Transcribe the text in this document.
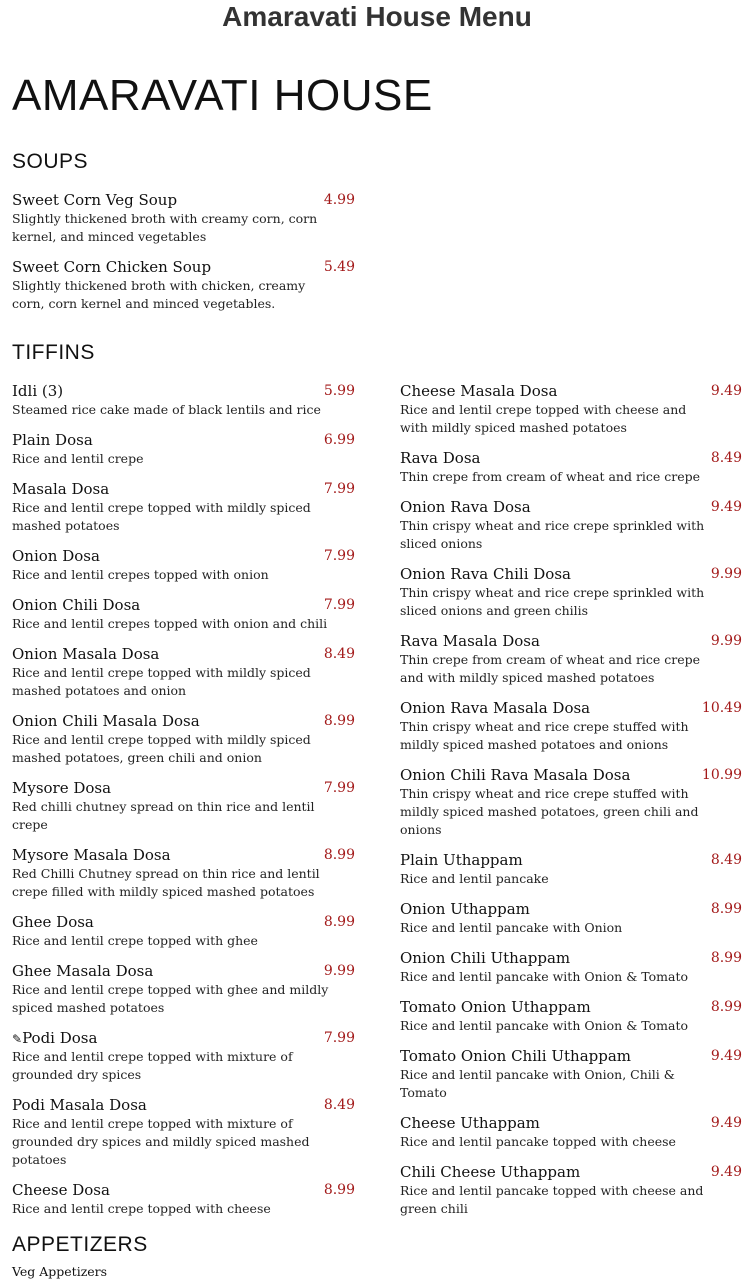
Amaravati House Menu
AMARAVATI HOUSE
SOUPS
Sweet Corn Veg Soup	4.99
Slightly thickened broth with creamy corn, corn kernel, and minced vegetables
Sweet Corn Chicken Soup	5.49
Slightly thickened broth with chicken, creamy corn, corn kernel and minced vegetables.
TIFFINS
Idli (3)	5.99
Steamed rice cake made of black lentils and rice
Plain Dosa	6.99
Rice and lentil crepe
Masala Dosa	7.99
Rice and lentil crepe topped with mildly spiced mashed potatoes
Onion Dosa	7.99
Rice and lentil crepes topped with onion
Onion Chili Dosa	7.99
Rice and lentil crepes topped with onion and chili
Onion Masala Dosa	8.49
Rice and lentil crepe topped with mildly spiced mashed potatoes and onion
Onion Chili Masala Dosa	8.99
Rice and lentil crepe topped with mildly spiced mashed potatoes, green chili and onion
Mysore Dosa	7.99
Red chilli chutney spread on thin rice and lentil crepe
Mysore Masala Dosa	8.99
Red Chilli Chutney spread on thin rice and lentil crepe filled with mildly spiced mashed potatoes
Ghee Dosa	8.99
Rice and lentil crepe topped with ghee
Ghee Masala Dosa	9.99
Rice and lentil crepe topped with ghee and mildly spiced mashed potatoes
✎Podi Dosa	7.99
Rice and lentil crepe topped with mixture of grounded dry spices
Podi Masala Dosa	8.49
Rice and lentil crepe topped with mixture of grounded dry spices and mildly spiced mashed potatoes
Cheese Dosa	8.99
Rice and lentil crepe topped with cheese
Cheese Masala Dosa	9.49
Rice and lentil crepe topped with cheese and with mildly spiced mashed potatoes
Rava Dosa	8.49
Thin crepe from cream of wheat and rice crepe
Onion Rava Dosa	9.49
Thin crispy wheat and rice crepe sprinkled with sliced onions
Onion Rava Chili Dosa	9.99
Thin crispy wheat and rice crepe sprinkled with sliced onions and green chilis
Rava Masala Dosa	9.99
Thin crepe from cream of wheat and rice crepe and with mildly spiced mashed potatoes
Onion Rava Masala Dosa	10.49
Thin crispy wheat and rice crepe stuffed with mildly spiced mashed potatoes and onions
Onion Chili Rava Masala Dosa	10.99
Thin crispy wheat and rice crepe stuffed with mildly spiced mashed potatoes, green chili and onions
Plain Uthappam	8.49
Rice and lentil pancake
Onion Uthappam	8.99
Rice and lentil pancake with Onion
Onion Chili Uthappam	8.99
Rice and lentil pancake with Onion & Tomato
Tomato Onion Uthappam	8.99
Rice and lentil pancake with Onion & Tomato
Tomato Onion Chili Uthappam	9.49
Rice and lentil pancake with Onion, Chili & Tomato
Cheese Uthappam	9.49
Rice and lentil pancake topped with cheese
Chili Cheese Uthappam	9.49
Rice and lentil pancake topped with cheese and green chili
APPETIZERS
Veg Appetizers
